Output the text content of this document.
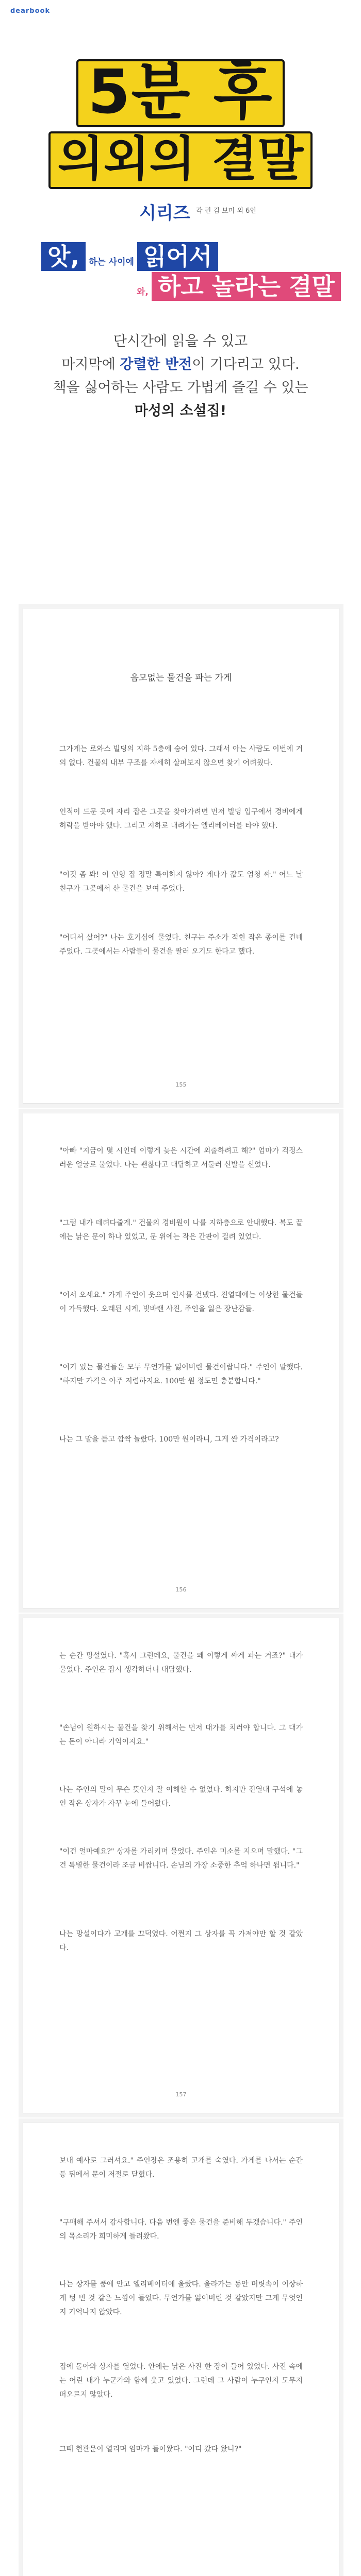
dearbook
5분 후
의외의 결말
시리즈 각 권 김 보미 외 6인
앗, 하는 사이에 읽어서
와, 하고 놀라는 결말
단시간에 읽을 수 있고
마지막에 강렬한 반전이 기다리고 있다.
책을 싫어하는 사람도 가볍게 즐길 수 있는
마성의 소설집!
음모없는 물건을 파는 가게

그가게는 로와스 빌딩의 지하 5층에 숨어 있다. 그래서 아는 사람도 이번에 거의 없다. 건물의 내부 구조를 자세히 살펴보지 않으면 찾기 어려웠다.

인적이 드문 곳에 자리 잡은 그곳을 찾아가려면 먼저 빌딩 입구에서 경비에게 허락을 받아야 했다. 그리고 지하로 내려가는 엘리베이터를 타야 했다.

"이것 좀 봐! 이 인형 집 정말 특이하지 않아? 게다가 값도 엄청 싸." 어느 날 친구가 그곳에서 산 물건을 보여 주었다.

"어디서 샀어?" 나는 호기심에 물었다. 친구는 주소가 적힌 작은 종이를 건네주었다. 그곳에서는 사람들이 물건을 팔러 오기도 한다고 했다.

155

"아빠 "지금이 몇 시인데 이렇게 늦은 시간에 외출하려고 해?" 엄마가 걱정스러운 얼굴로 물었다. 나는 괜찮다고 대답하고 서둘러 신발을 신었다.

"그럼 내가 데려다줄게." 건물의 경비원이 나를 지하층으로 안내했다. 복도 끝에는 낡은 문이 하나 있었고, 문 위에는 작은 간판이 걸려 있었다.

"어서 오세요." 가게 주인이 웃으며 인사를 건넸다. 진열대에는 이상한 물건들이 가득했다. 오래된 시계, 빛바랜 사진, 주인을 잃은 장난감들.

"여기 있는 물건들은 모두 무언가를 잃어버린 물건이랍니다." 주인이 말했다. "하지만 가격은 아주 저렴하지요. 100만 원 정도면 충분합니다."

나는 그 말을 듣고 깜짝 놀랐다. 100만 원이라니, 그게 싼 가격이라고?

156

는 순간 망설였다. "혹시 그런데요, 물건을 왜 이렇게 싸게 파는 거죠?" 내가 물었다. 주인은 잠시 생각하더니 대답했다.

"손님이 원하시는 물건을 찾기 위해서는 먼저 대가를 치러야 합니다. 그 대가는 돈이 아니라 기억이지요."

나는 주인의 말이 무슨 뜻인지 잘 이해할 수 없었다. 하지만 진열대 구석에 놓인 작은 상자가 자꾸 눈에 들어왔다.

"이건 얼마예요?" 상자를 가리키며 물었다. 주인은 미소를 지으며 말했다. "그건 특별한 물건이라 조금 비쌉니다. 손님의 가장 소중한 추억 하나면 됩니다."

나는 망설이다가 고개를 끄덕였다. 어쩐지 그 상자를 꼭 가져야만 할 것 같았다.

157

보내 예사로 그러셔요." 주인장은 조용히 고개를 숙였다. 가게를 나서는 순간 등 뒤에서 문이 저절로 닫혔다.

"구매해 주셔서 감사합니다. 다음 번엔 좋은 물건을 준비해 두겠습니다." 주인의 목소리가 희미하게 들려왔다.

나는 상자를 품에 안고 엘리베이터에 올랐다. 올라가는 동안 머릿속이 이상하게 텅 빈 것 같은 느낌이 들었다. 무언가를 잃어버린 것 같았지만 그게 무엇인지 기억나지 않았다.

집에 돌아와 상자를 열었다. 안에는 낡은 사진 한 장이 들어 있었다. 사진 속에는 어린 내가 누군가와 함께 웃고 있었다. 그런데 그 사람이 누구인지 도무지 떠오르지 않았다.

그때 현관문이 열리며 엄마가 들어왔다. "어디 갔다 왔니?"
